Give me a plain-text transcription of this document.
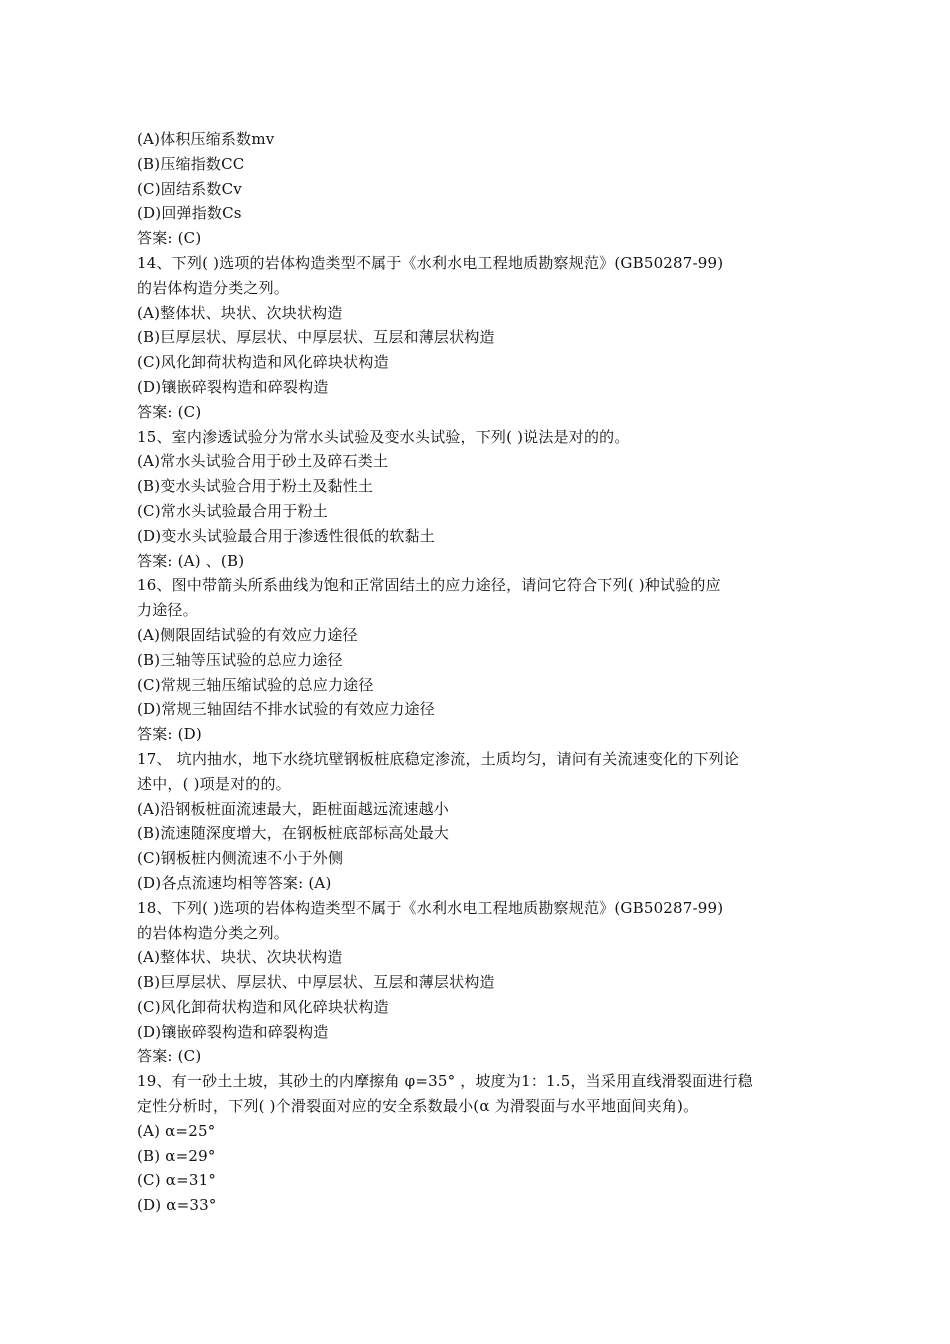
(A)体积压缩系数mv
(B)压缩指数CC
(C)固结系数Cv
(D)回弹指数Cs
答案: (C)
14、下列( )选项的岩体构造类型不属于《水利水电工程地质勘察规范》(GB50287-99)
的岩体构造分类之列。
(A)整体状、块状、次块状构造
(B)巨厚层状、厚层状、中厚层状、互层和薄层状构造
(C)风化卸荷状构造和风化碎块状构造
(D)镶嵌碎裂构造和碎裂构造
答案: (C)
15、室内渗透试验分为常水头试验及变水头试验，下列( )说法是对的的。
(A)常水头试验合用于砂土及碎石类土
(B)变水头试验合用于粉土及黏性土
(C)常水头试验最合用于粉土
(D)变水头试验最合用于渗透性很低的软黏土
答案: (A) 、(B)
16、图中带箭头所系曲线为饱和正常固结土的应力途径，请问它符合下列( )种试验的应
力途径。
(A)侧限固结试验的有效应力途径
(B)三轴等压试验的总应力途径
(C)常规三轴压缩试验的总应力途径
(D)常规三轴固结不排水试验的有效应力途径
答案: (D)
17、 坑内抽水，地下水绕坑壁钢板桩底稳定渗流，土质均匀，请问有关流速变化的下列论
述中，( )项是对的的。
(A)沿钢板桩面流速最大，距桩面越远流速越小
(B)流速随深度增大，在钢板桩底部标高处最大
(C)钢板桩内侧流速不小于外侧
(D)各点流速均相等答案: (A)
18、下列( )选项的岩体构造类型不属于《水利水电工程地质勘察规范》(GB50287-99)
的岩体构造分类之列。
(A)整体状、块状、次块状构造
(B)巨厚层状、厚层状、中厚层状、互层和薄层状构造
(C)风化卸荷状构造和风化碎块状构造
(D)镶嵌碎裂构造和碎裂构造
答案: (C)
19、有一砂土土坡，其砂土的内摩擦角 φ=35° ，坡度为1：1.5，当采用直线滑裂面进行稳
定性分析时，下列( )个滑裂面对应的安全系数最小(α 为滑裂面与水平地面间夹角)。
(A) α=25°
(B) α=29°
(C) α=31°
(D) α=33°
